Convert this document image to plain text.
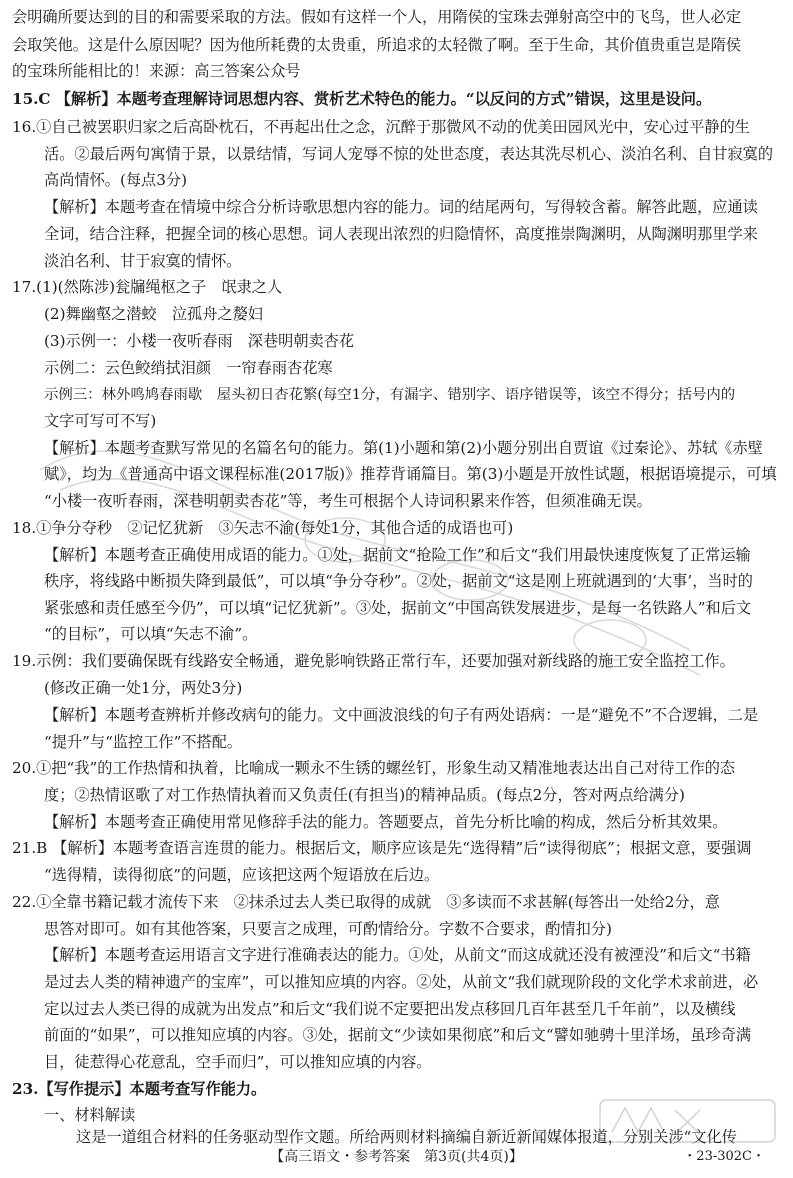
会明确所要达到的目的和需要采取的方法。假如有这样一个人，用隋侯的宝珠去弹射高空中的飞鸟，世人必定
会取笑他。这是什么原因呢？因为他所耗费的太贵重，所追求的太轻微了啊。至于生命，其价值贵重岂是隋侯
的宝珠所能相比的！来源：高三答案公众号
15.C 【解析】本题考查理解诗词思想内容、赏析艺术特色的能力。“以反问的方式”错误，这里是设问。
16.①自己被罢职归家之后高卧枕石，不再起出仕之念，沉醉于那微风不动的优美田园风光中，安心过平静的生
活。②最后两句寓情于景，以景结情，写词人宠辱不惊的处世态度，表达其洗尽机心、淡泊名利、自甘寂寞的
高尚情怀。(每点3分)
【解析】本题考查在情境中综合分析诗歌思想内容的能力。词的结尾两句，写得较含蓄。解答此题，应通读
全词，结合注释，把握全词的核心思想。词人表现出浓烈的归隐情怀，高度推崇陶渊明，从陶渊明那里学来
淡泊名利、甘于寂寞的情怀。
17.(1)(然陈涉)瓮牖绳枢之子　氓隶之人
(2)舞幽壑之潜蛟　泣孤舟之嫠妇
(3)示例一：小楼一夜听春雨　深巷明朝卖杏花
示例二：云色鲛绡拭泪颜　一帘春雨杏花寒
示例三：林外鸣鸠春雨歇　屋头初日杏花繁(每空1分，有漏字、错别字、语序错误等，该空不得分；括号内的
文字可写可不写)
【解析】本题考查默写常见的名篇名句的能力。第(1)小题和第(2)小题分别出自贾谊《过秦论》、苏轼《赤壁
赋》，均为《普通高中语文课程标准(2017版)》推荐背诵篇目。第(3)小题是开放性试题，根据语境提示，可填
“小楼一夜听春雨，深巷明朝卖杏花”等，考生可根据个人诗词积累来作答，但须准确无误。
18.①争分夺秒　②记忆犹新　③矢志不渝(每处1分，其他合适的成语也可)
【解析】本题考查正确使用成语的能力。①处，据前文“抢险工作”和后文“我们用最快速度恢复了正常运输
秩序，将线路中断损失降到最低”，可以填“争分夺秒”。②处，据前文“这是刚上班就遇到的‘大事’，当时的
紧张感和责任感至今仍”，可以填“记忆犹新”。③处，据前文“中国高铁发展进步，是每一名铁路人”和后文
“的目标”，可以填“矢志不渝”。
19.示例：我们要确保既有线路安全畅通，避免影响铁路正常行车，还要加强对新线路的施工安全监控工作。
(修改正确一处1分，两处3分)
【解析】本题考查辨析并修改病句的能力。文中画波浪线的句子有两处语病：一是“避免不”不合逻辑，二是
“提升”与“监控工作”不搭配。
20.①把“我”的工作热情和执着，比喻成一颗永不生锈的螺丝钉，形象生动又精准地表达出自己对待工作的态
度；②热情讴歌了对工作热情执着而又负责任(有担当)的精神品质。(每点2分，答对两点给满分)
【解析】本题考查正确使用常见修辞手法的能力。答题要点，首先分析比喻的构成，然后分析其效果。
21.B 【解析】本题考查语言连贯的能力。根据后文，顺序应该是先“选得精”后“读得彻底”；根据文意，要强调
“选得精，读得彻底”的问题，应该把这两个短语放在后边。
22.①全靠书籍记载才流传下来　②抹杀过去人类已取得的成就　③多读而不求甚解(每答出一处给2分，意
思答对即可。如有其他答案，只要言之成理，可酌情给分。字数不合要求，酌情扣分)
【解析】本题考查运用语言文字进行准确表达的能力。①处，从前文“而这成就还没有被湮没”和后文“书籍
是过去人类的精神遗产的宝库”，可以推知应填的内容。②处，从前文“我们就现阶段的文化学术求前进，必
定以过去人类已得的成就为出发点”和后文“我们说不定要把出发点移回几百年甚至几千年前”，以及横线
前面的“如果”，可以推知应填的内容。③处，据前文“少读如果彻底”和后文“譬如驰骋十里洋场，虽珍奇满
目，徒惹得心花意乱，空手而归”，可以推知应填的内容。
23.【写作提示】本题考查写作能力。
一、材料解读
这是一道组合材料的任务驱动型作文题。所给两则材料摘编自新近新闻媒体报道，分别关涉“文化传
【高三语文・参考答案　第3页(共4页)】	・23-302C・
